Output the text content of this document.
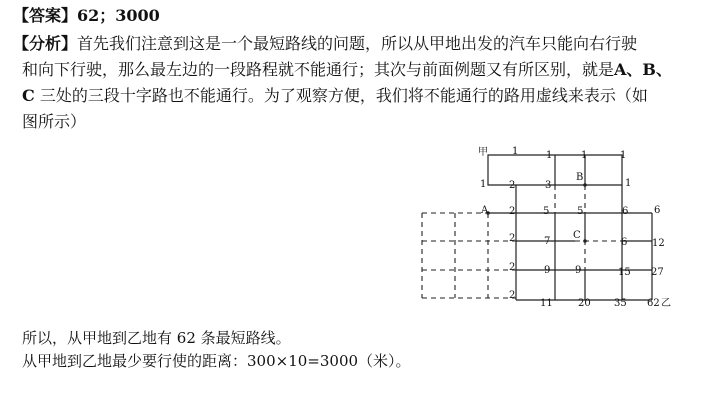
【答案】62；3000
【分析】首先我们注意到这是一个最短路线的问题，所以从甲地出发的汽车只能向右行驶
和向下行驶，那么最左边的一段路程就不能通行；其次与前面例题又有所区别，就是A、B、
C 三处的三段十字路也不能通行。为了观察方便，我们将不能通行的路用虚线来表示（如
图所示）
甲
乙
A
B
C
1	1	1	1
1 2	3	1
2	5	5	6	6
2	7	6 12
2	9 9	15 27
2
11	20 35 62
所以，从甲地到乙地有 62 条最短路线。
从甲地到乙地最少要行使的距离：300×10=3000（米）。
